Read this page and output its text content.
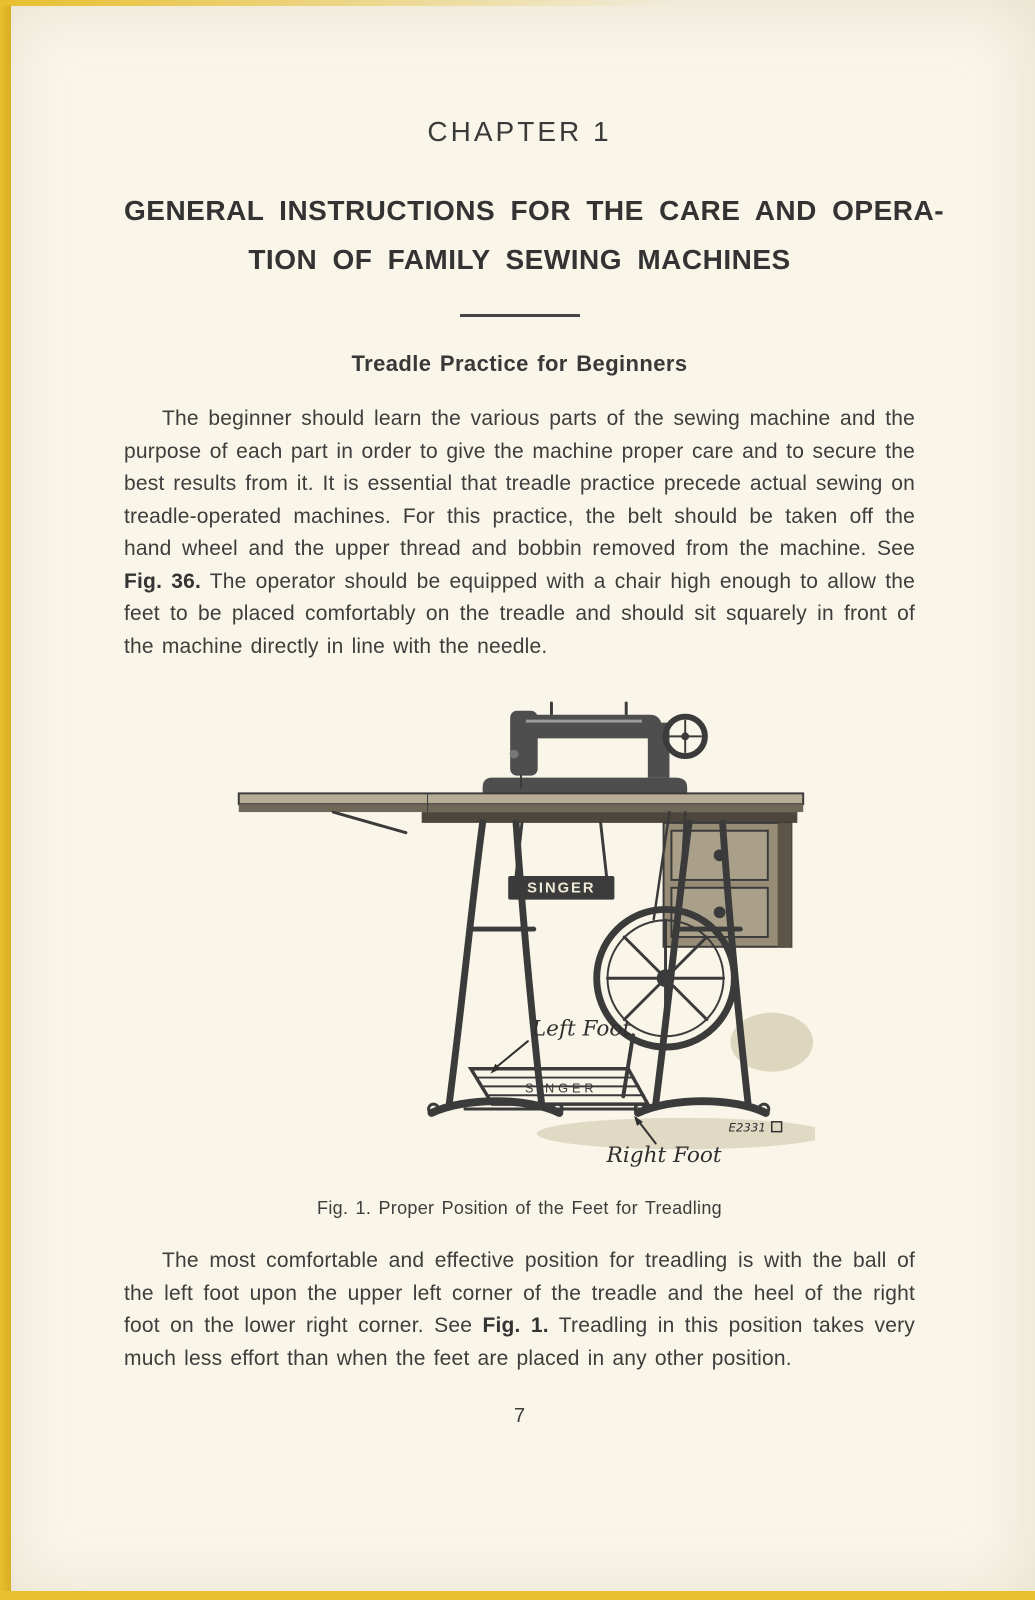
CHAPTER 1
GENERAL INSTRUCTIONS FOR THE CARE AND OPERA-
TION OF FAMILY SEWING MACHINES
Treadle Practice for Beginners

The beginner should learn the various parts of the sewing machine and the purpose of each part in order to give the machine proper care and to secure the best results from it. It is essential that treadle practice precede actual sewing on treadle-operated machines. For this practice, the belt should be taken off the hand wheel and the upper thread and bobbin removed from the machine. See Fig. 36. The operator should be equipped with a chair high enough to allow the feet to be placed comfortably on the treadle and should sit squarely in front of the machine directly in line with the needle.

SINGER
SINGER
Left Foot
Right Foot
E2331
Fig. 1. Proper Position of the Feet for Treadling

The most comfortable and effective position for treadling is with the ball of the left foot upon the upper left corner of the treadle and the heel of the right foot on the lower right corner. See Fig. 1. Treadling in this position takes very much less effort than when the feet are placed in any other position.

7
